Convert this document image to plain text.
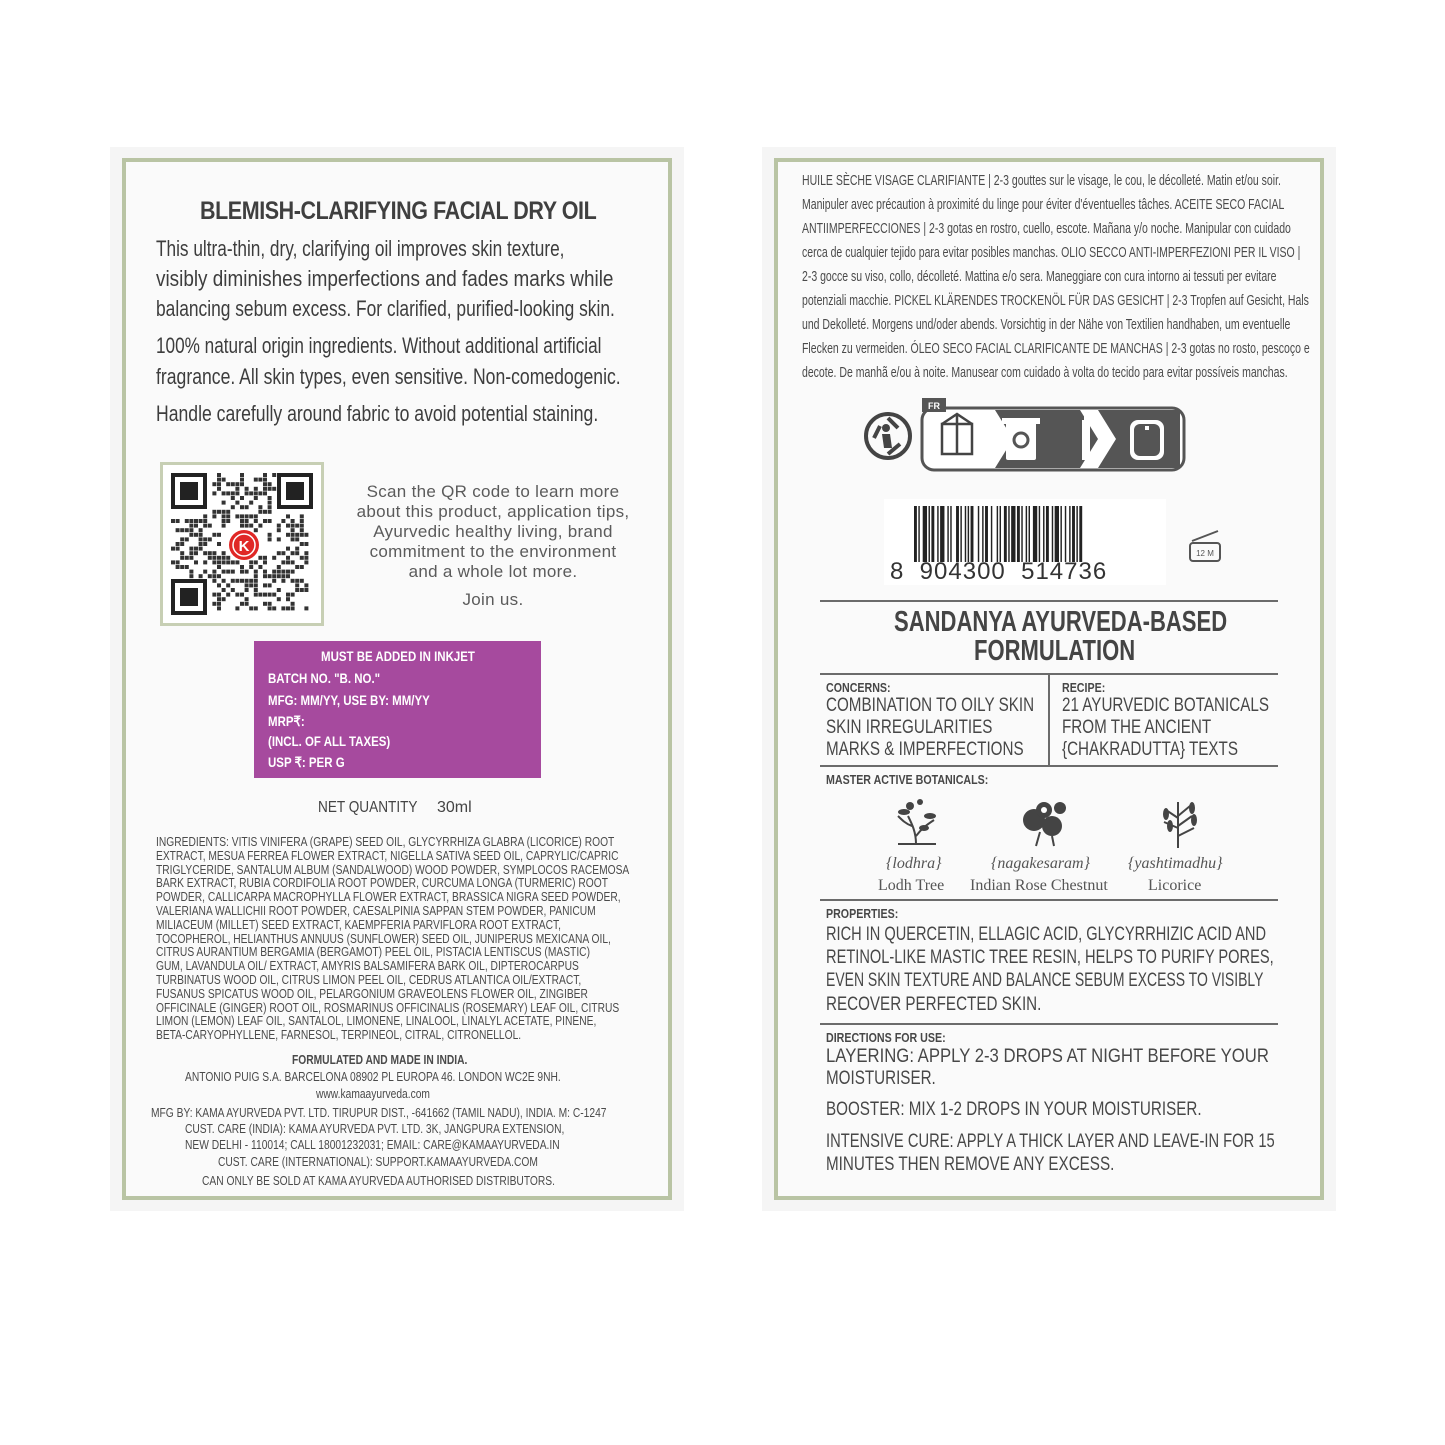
BLEMISH-CLARIFYING FACIAL DRY OIL
This ultra-thin, dry, clarifying oil improves skin texture,
visibly diminishes imperfections and fades marks while
balancing sebum excess. For clarified, purified-looking skin.
100% natural origin ingredients. Without additional artificial
fragrance. All skin types, even sensitive. Non-comedogenic.
Handle carefully around fabric to avoid potential staining.
K
Scan the QR code to learn more
about this product, application tips,
Ayurvedic healthy living, brand
commitment to the environment
and a whole lot more.
Join us.
MUST BE ADDED IN INKJET
BATCH NO. "B. NO."
MFG: MM/YY, USE BY: MM/YY
MRP₹:
(INCL. OF ALL TAXES)
USP ₹: PER G
NET QUANTITY 30ml
INGREDIENTS: VITIS VINIFERA (GRAPE) SEED OIL, GLYCYRRHIZA GLABRA (LICORICE) ROOT
EXTRACT, MESUA FERREA FLOWER EXTRACT, NIGELLA SATIVA SEED OIL, CAPRYLIC/CAPRIC
TRIGLYCERIDE, SANTALUM ALBUM (SANDALWOOD) WOOD POWDER, SYMPLOCOS RACEMOSA
BARK EXTRACT, RUBIA CORDIFOLIA ROOT POWDER, CURCUMA LONGA (TURMERIC) ROOT
POWDER, CALLICARPA MACROPHYLLA FLOWER EXTRACT, BRASSICA NIGRA SEED POWDER,
VALERIANA WALLICHII ROOT POWDER, CAESALPINIA SAPPAN STEM POWDER, PANICUM
MILIACEUM (MILLET) SEED EXTRACT, KAEMPFERIA PARVIFLORA ROOT EXTRACT,
TOCOPHEROL, HELIANTHUS ANNUUS (SUNFLOWER) SEED OIL, JUNIPERUS MEXICANA OIL,
CITRUS AURANTIUM BERGAMIA (BERGAMOT) PEEL OIL, PISTACIA LENTISCUS (MASTIC)
GUM, LAVANDULA OIL/ EXTRACT, AMYRIS BALSAMIFERA BARK OIL, DIPTEROCARPUS
TURBINATUS WOOD OIL, CITRUS LIMON PEEL OIL, CEDRUS ATLANTICA OIL/EXTRACT,
FUSANUS SPICATUS WOOD OIL, PELARGONIUM GRAVEOLENS FLOWER OIL, ZINGIBER
OFFICINALE (GINGER) ROOT OIL, ROSMARINUS OFFICINALIS (ROSEMARY) LEAF OIL, CITRUS
LIMON (LEMON) LEAF OIL, SANTALOL, LIMONENE, LINALOOL, LINALYL ACETATE, PINENE,
BETA-CARYOPHYLLENE, FARNESOL, TERPINEOL, CITRAL, CITRONELLOL.
FORMULATED AND MADE IN INDIA.
ANTONIO PUIG S.A. BARCELONA 08902 PL EUROPA 46. LONDON WC2E 9NH.
www.kamaayurveda.com
MFG BY: KAMA AYURVEDA PVT. LTD. TIRUPUR DIST., -641662 (TAMIL NADU), INDIA. M: C-1247
CUST. CARE (INDIA): KAMA AYURVEDA PVT. LTD. 3K, JANGPURA EXTENSION,
NEW DELHI - 110014; CALL 18001232031; EMAIL: CARE@KAMAAYURVEDA.IN
CUST. CARE (INTERNATIONAL): SUPPORT.KAMAAYURVEDA.COM
CAN ONLY BE SOLD AT KAMA AYURVEDA AUTHORISED DISTRIBUTORS.
HUILE SÈCHE VISAGE CLARIFIANTE | 2-3 gouttes sur le visage, le cou, le décolleté. Matin et/ou soir.
Manipuler avec précaution à proximité du linge pour éviter d'éventuelles tâches. ACEITE SECO FACIAL
ANTIIMPERFECCIONES | 2-3 gotas en rostro, cuello, escote. Mañana y/o noche. Manipular con cuidado
cerca de cualquier tejido para evitar posibles manchas. OLIO SECCO ANTI-IMPERFEZIONI PER IL VISO |
2-3 gocce su viso, collo, décolleté. Mattina e/o sera. Maneggiare con cura intorno ai tessuti per evitare
potenziali macchie. PICKEL KLÄRENDES TROCKENÖL FÜR DAS GESICHT | 2-3 Tropfen auf Gesicht, Hals
und Dekolleté. Morgens und/oder abends. Vorsichtig in der Nähe von Textilien handhaben, um eventuelle
Flecken zu vermeiden. ÓLEO SECO FACIAL CLARIFICANTE DE MANCHAS | 2-3 gotas no rosto, pescoço e
decote. De manhã e/ou à noite. Manusear com cuidado à volta do tecido para evitar possíveis manchas.
FR
8  904300  514736
12 M
SANDANYA AYURVEDA-BASED
FORMULATION
CONCERNS:
COMBINATION TO OILY SKIN
SKIN IRREGULARITIES
MARKS & IMPERFECTIONS
RECIPE:
21 AYURVEDIC BOTANICALS
FROM THE ANCIENT
{CHAKRADUTTA} TEXTS
MASTER ACTIVE BOTANICALS:
{lodhra}
Lodh Tree
{nagakesaram}
Indian Rose Chestnut
{yashtimadhu}
Licorice
PROPERTIES:
RICH IN QUERCETIN, ELLAGIC ACID, GLYCYRRHIZIC ACID AND
RETINOL-LIKE MASTIC TREE RESIN, HELPS TO PURIFY PORES,
EVEN SKIN TEXTURE AND BALANCE SEBUM EXCESS TO VISIBLY
RECOVER PERFECTED SKIN.
DIRECTIONS FOR USE:
LAYERING: APPLY 2-3 DROPS AT NIGHT BEFORE YOUR
MOISTURISER.
BOOSTER: MIX 1-2 DROPS IN YOUR MOISTURISER.
INTENSIVE CURE: APPLY A THICK LAYER AND LEAVE-IN FOR 15
MINUTES THEN REMOVE ANY EXCESS.
